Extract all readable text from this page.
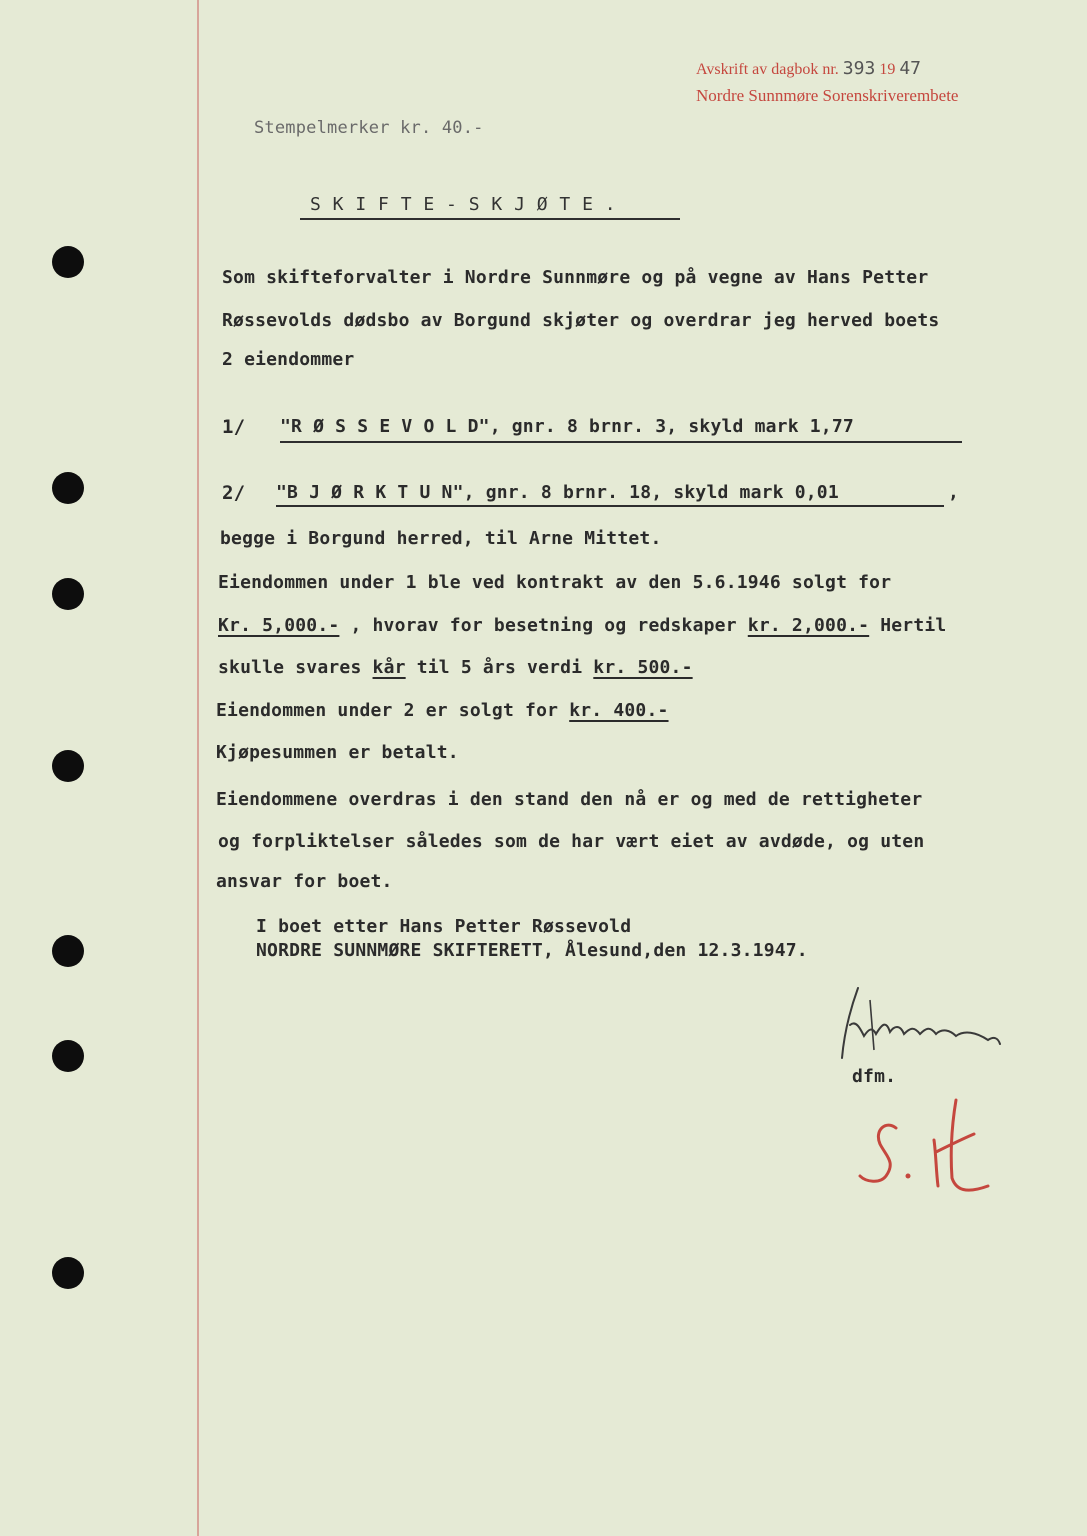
Avskrift av dagbok nr. 393 19 47
Nordre Sunnmøre Sorenskriverembete
Stempelmerker kr. 40.-
S K I F T E - S K J Ø T E .
Som skifteforvalter i Nordre Sunnmøre og på vegne av Hans Petter
Røssevolds dødsbo av Borgund skjøter og overdrar jeg herved boets
2 eiendommer
1/ "R Ø S S E V O L D", gnr. 8 brnr. 3, skyld mark 1,77
2/ "B J Ø R K T U N", gnr. 8 brnr. 18, skyld mark 0,01	,
begge i Borgund herred, til Arne Mittet.
Eiendommen under 1 ble ved kontrakt av den 5.6.1946 solgt for
Kr. 5,000.- , hvorav for besetning og redskaper kr. 2,000.- Hertil
skulle svares kår til 5 års verdi kr. 500.-
Eiendommen under 2 er solgt for kr. 400.-
Kjøpesummen er betalt.
Eiendommene overdras i den stand den nå er og med de rettigheter
og forpliktelser således som de har vært eiet av avdøde, og uten
ansvar for boet.
I boet etter Hans Petter Røssevold
NORDRE SUNNMØRE SKIFTERETT, Ålesund,den 12.3.1947.
dfm.
